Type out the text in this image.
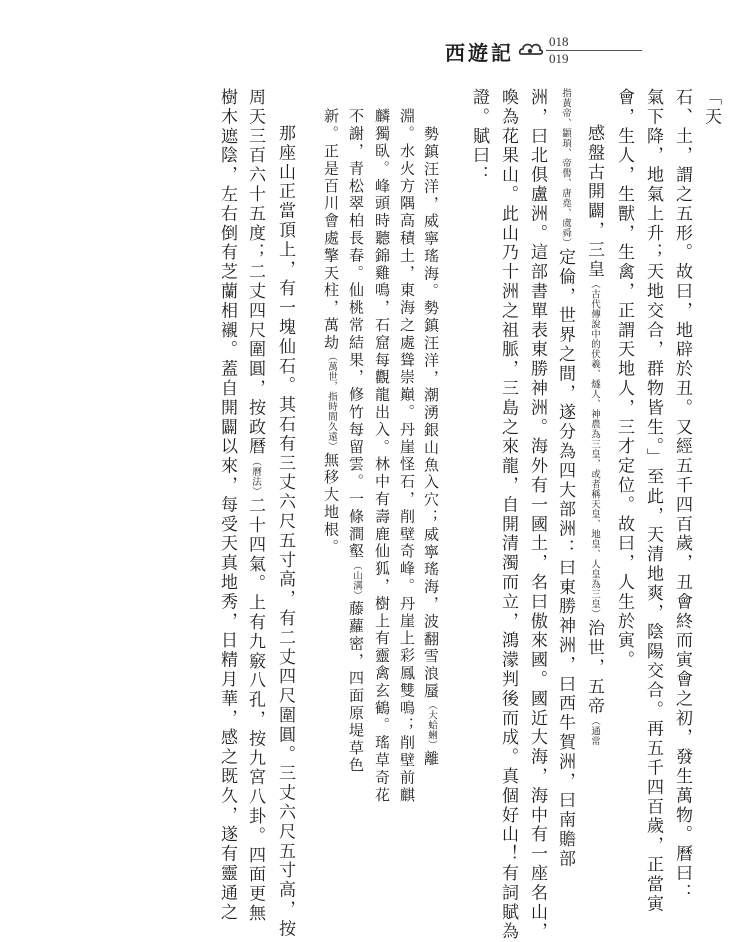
西遊記	018
019

「天

石、土，謂之五形。故曰，地辟於丑。又經五千四百歲，丑會終而寅會之初，發生萬物。曆曰：

氣下降，地氣上升；天地交合，群物皆生。」至此，天清地爽，陰陽交合。再五千四百歲，正當寅

會，生人，生獸，生禽，正謂天地人，三才定位。故曰，人生於寅。

感盤古開闢，三皇（古代傳說中的伏羲、燧人、神農為三皇，或者稱天皇、地皇、人皇為三皇）治世，五帝（通常

指黃帝、顓頊、帝嚳、唐堯、虞舜）定倫，世界之間，遂分為四大部洲：曰東勝神洲，曰西牛賀洲，曰南贍部

洲，曰北俱盧洲。這部書單表東勝神洲。海外有一國土，名曰傲來國。國近大海，海中有一座名山，

喚為花果山。此山乃十洲之祖脈，三島之來龍，自開清濁而立，鴻濛判後而成。真個好山！有詞賦為

證。賦曰：

勢鎮汪洋，威寧瑤海。勢鎮汪洋，潮湧銀山魚入穴；威寧瑤海，波翻雪浪蜃（大蛤蜊）離

淵。水火方隅高積土，東海之處聳崇巔。丹崖怪石，削壁奇峰。丹崖上彩鳳雙鳴；削壁前麒

麟獨臥。峰頭時聽錦雞鳴，石窟每觀龍出入。林中有壽鹿仙狐，樹上有靈禽玄鶴。瑤草奇花

不謝，青松翠柏長春。仙桃常結果，修竹每留雲。一條澗壑（山溝）藤蘿密，四面原堤草色

新。正是百川會處擎天柱，萬劫（萬世，指時間久遠）無移大地根。

那座山正當頂上，有一塊仙石。其石有三丈六尺五寸高，有二丈四尺圍圓。三丈六尺五寸高，按

周天三百六十五度；二丈四尺圍圓，按政曆（曆法）二十四氣。上有九竅八孔，按九宮八卦。四面更無

樹木遮陰，左右倒有芝蘭相襯。蓋自開闢以來，每受天真地秀，日精月華，感之既久，遂有靈通之
